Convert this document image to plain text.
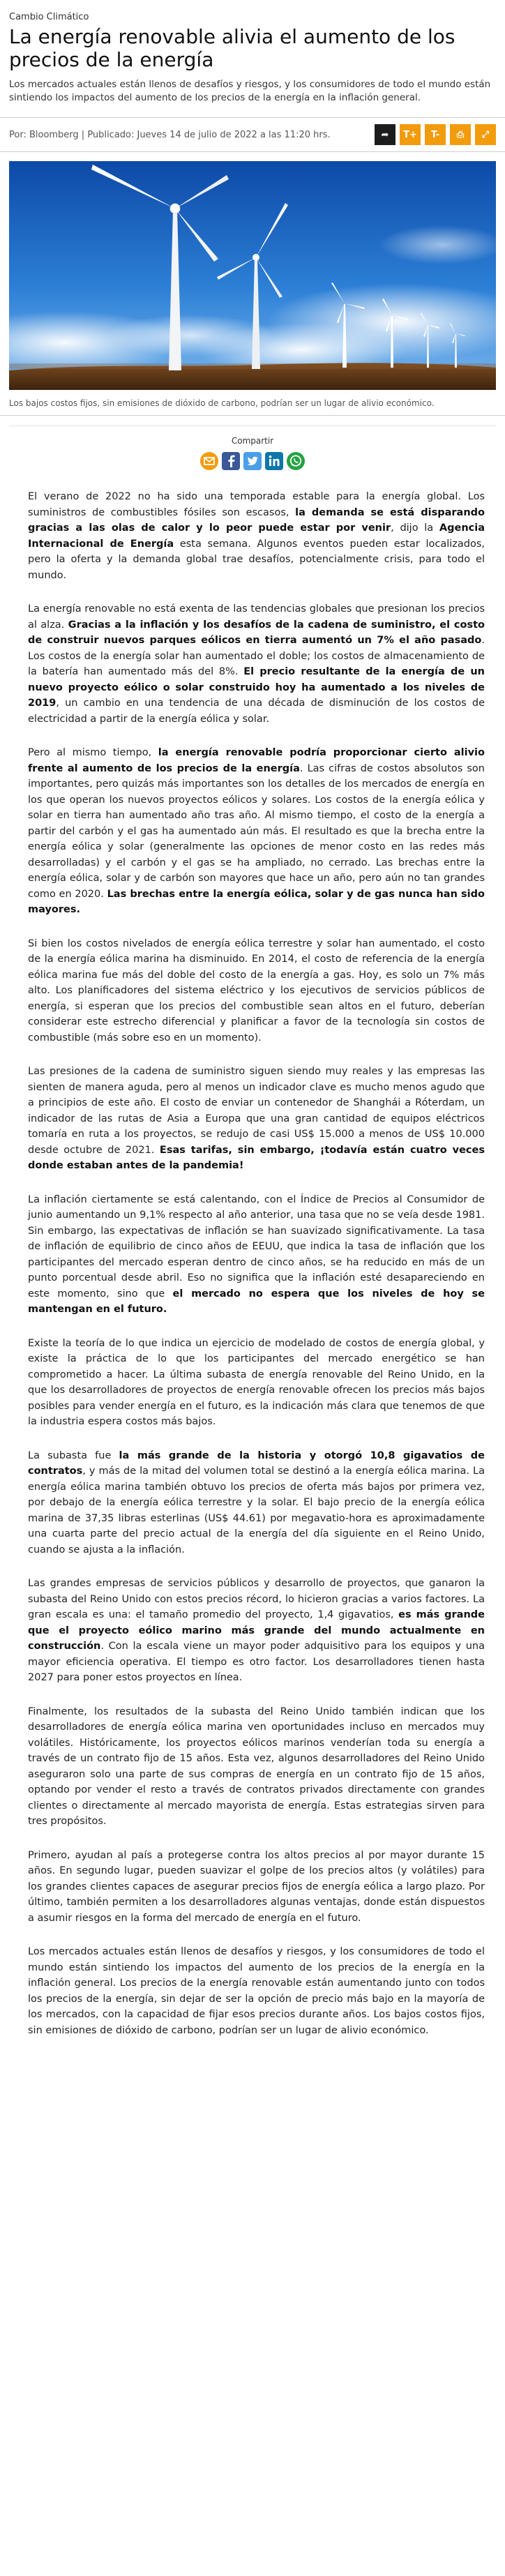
Cambio Climático

La energía renovable alivia el aumento de los precios de la energía

Los mercados actuales están llenos de desafíos y riesgos, y los consumidores de todo el mundo están sintiendo los impactos del aumento de los precios de la energía en la inflación general.

Por: Bloomberg | Publicado: Jueves 14 de julio de 2022 a las 11:20 hrs.	➦	T+	T-	⎙	⤢
Los bajos costos fijos, sin emisiones de dióxido de carbono, podrían ser un lugar de alivio económico.
Compartir

El verano de 2022 no ha sido una temporada estable para la energía global. Los suministros de combustibles fósiles son escasos, la demanda se está disparando gracias a las olas de calor y lo peor puede estar por venir, dijo la Agencia Internacional de Energía esta semana. Algunos eventos pueden estar localizados, pero la oferta y la demanda global trae desafíos, potencialmente crisis, para todo el mundo.

La energía renovable no está exenta de las tendencias globales que presionan los precios al alza. Gracias a la inflación y los desafíos de la cadena de suministro, el costo de construir nuevos parques eólicos en tierra aumentó un 7% el año pasado. Los costos de la energía solar han aumentado el doble; los costos de almacenamiento de la batería han aumentado más del 8%. El precio resultante de la energía de un nuevo proyecto eólico o solar construido hoy ha aumentado a los niveles de 2019, un cambio en una tendencia de una década de disminución de los costos de electricidad a partir de la energía eólica y solar.

Pero al mismo tiempo, la energía renovable podría proporcionar cierto alivio frente al aumento de los precios de la energía. Las cifras de costos absolutos son importantes, pero quizás más importantes son los detalles de los mercados de energía en los que operan los nuevos proyectos eólicos y solares. Los costos de la energía eólica y solar en tierra han aumentado año tras año. Al mismo tiempo, el costo de la energía a partir del carbón y el gas ha aumentado aún más. El resultado es que la brecha entre la energía eólica y solar (generalmente las opciones de menor costo en las redes más desarrolladas) y el carbón y el gas se ha ampliado, no cerrado. Las brechas entre la energía eólica, solar y de carbón son mayores que hace un año, pero aún no tan grandes como en 2020. Las brechas entre la energía eólica, solar y de gas nunca han sido mayores.

Si bien los costos nivelados de energía eólica terrestre y solar han aumentado, el costo de la energía eólica marina ha disminuido. En 2014, el costo de referencia de la energía eólica marina fue más del doble del costo de la energía a gas. Hoy, es solo un 7% más alto. Los planificadores del sistema eléctrico y los ejecutivos de servicios públicos de energía, si esperan que los precios del combustible sean altos en el futuro, deberían considerar este estrecho diferencial y planificar a favor de la tecnología sin costos de combustible (más sobre eso en un momento).

Las presiones de la cadena de suministro siguen siendo muy reales y las empresas las sienten de manera aguda, pero al menos un indicador clave es mucho menos agudo que a principios de este año. El costo de enviar un contenedor de Shanghái a Róterdam, un indicador de las rutas de Asia a Europa que una gran cantidad de equipos eléctricos tomaría en ruta a los proyectos, se redujo de casi US$ 15.000 a menos de US$ 10.000 desde octubre de 2021. Esas tarifas, sin embargo, ¡todavía están cuatro veces donde estaban antes de la pandemia!

La inflación ciertamente se está calentando, con el Índice de Precios al Consumidor de junio aumentando un 9,1% respecto al año anterior, una tasa que no se veía desde 1981. Sin embargo, las expectativas de inflación se han suavizado significativamente. La tasa de inflación de equilibrio de cinco años de EEUU, que indica la tasa de inflación que los participantes del mercado esperan dentro de cinco años, se ha reducido en más de un punto porcentual desde abril. Eso no significa que la inflación esté desapareciendo en este momento, sino que el mercado no espera que los niveles de hoy se mantengan en el futuro.

Existe la teoría de lo que indica un ejercicio de modelado de costos de energía global, y existe la práctica de lo que los participantes del mercado energético se han comprometido a hacer. La última subasta de energía renovable del Reino Unido, en la que los desarrolladores de proyectos de energía renovable ofrecen los precios más bajos posibles para vender energía en el futuro, es la indicación más clara que tenemos de que la industria espera costos más bajos.

La subasta fue la más grande de la historia y otorgó 10,8 gigavatios de contratos, y más de la mitad del volumen total se destinó a la energía eólica marina. La energía eólica marina también obtuvo los precios de oferta más bajos por primera vez, por debajo de la energía eólica terrestre y la solar. El bajo precio de la energía eólica marina de 37,35 libras esterlinas (US$ 44.61) por megavatio-hora es aproximadamente una cuarta parte del precio actual de la energía del día siguiente en el Reino Unido, cuando se ajusta a la inflación.

Las grandes empresas de servicios públicos y desarrollo de proyectos, que ganaron la subasta del Reino Unido con estos precios récord, lo hicieron gracias a varios factores. La gran escala es una: el tamaño promedio del proyecto, 1,4 gigavatios, es más grande que el proyecto eólico marino más grande del mundo actualmente en construcción. Con la escala viene un mayor poder adquisitivo para los equipos y una mayor eficiencia operativa. El tiempo es otro factor. Los desarrolladores tienen hasta 2027 para poner estos proyectos en línea.

Finalmente, los resultados de la subasta del Reino Unido también indican que los desarrolladores de energía eólica marina ven oportunidades incluso en mercados muy volátiles. Históricamente, los proyectos eólicos marinos venderían toda su energía a través de un contrato fijo de 15 años. Esta vez, algunos desarrolladores del Reino Unido aseguraron solo una parte de sus compras de energía en un contrato fijo de 15 años, optando por vender el resto a través de contratos privados directamente con grandes clientes o directamente al mercado mayorista de energía. Estas estrategias sirven para tres propósitos.

Primero, ayudan al país a protegerse contra los altos precios al por mayor durante 15 años. En segundo lugar, pueden suavizar el golpe de los precios altos (y volátiles) para los grandes clientes capaces de asegurar precios fijos de energía eólica a largo plazo. Por último, también permiten a los desarrolladores algunas ventajas, donde están dispuestos a asumir riesgos en la forma del mercado de energía en el futuro.

Los mercados actuales están llenos de desafíos y riesgos, y los consumidores de todo el mundo están sintiendo los impactos del aumento de los precios de la energía en la inflación general. Los precios de la energía renovable están aumentando junto con todos los precios de la energía, sin dejar de ser la opción de precio más bajo en la mayoría de los mercados, con la capacidad de fijar esos precios durante años. Los bajos costos fijos, sin emisiones de dióxido de carbono, podrían ser un lugar de alivio económico.
